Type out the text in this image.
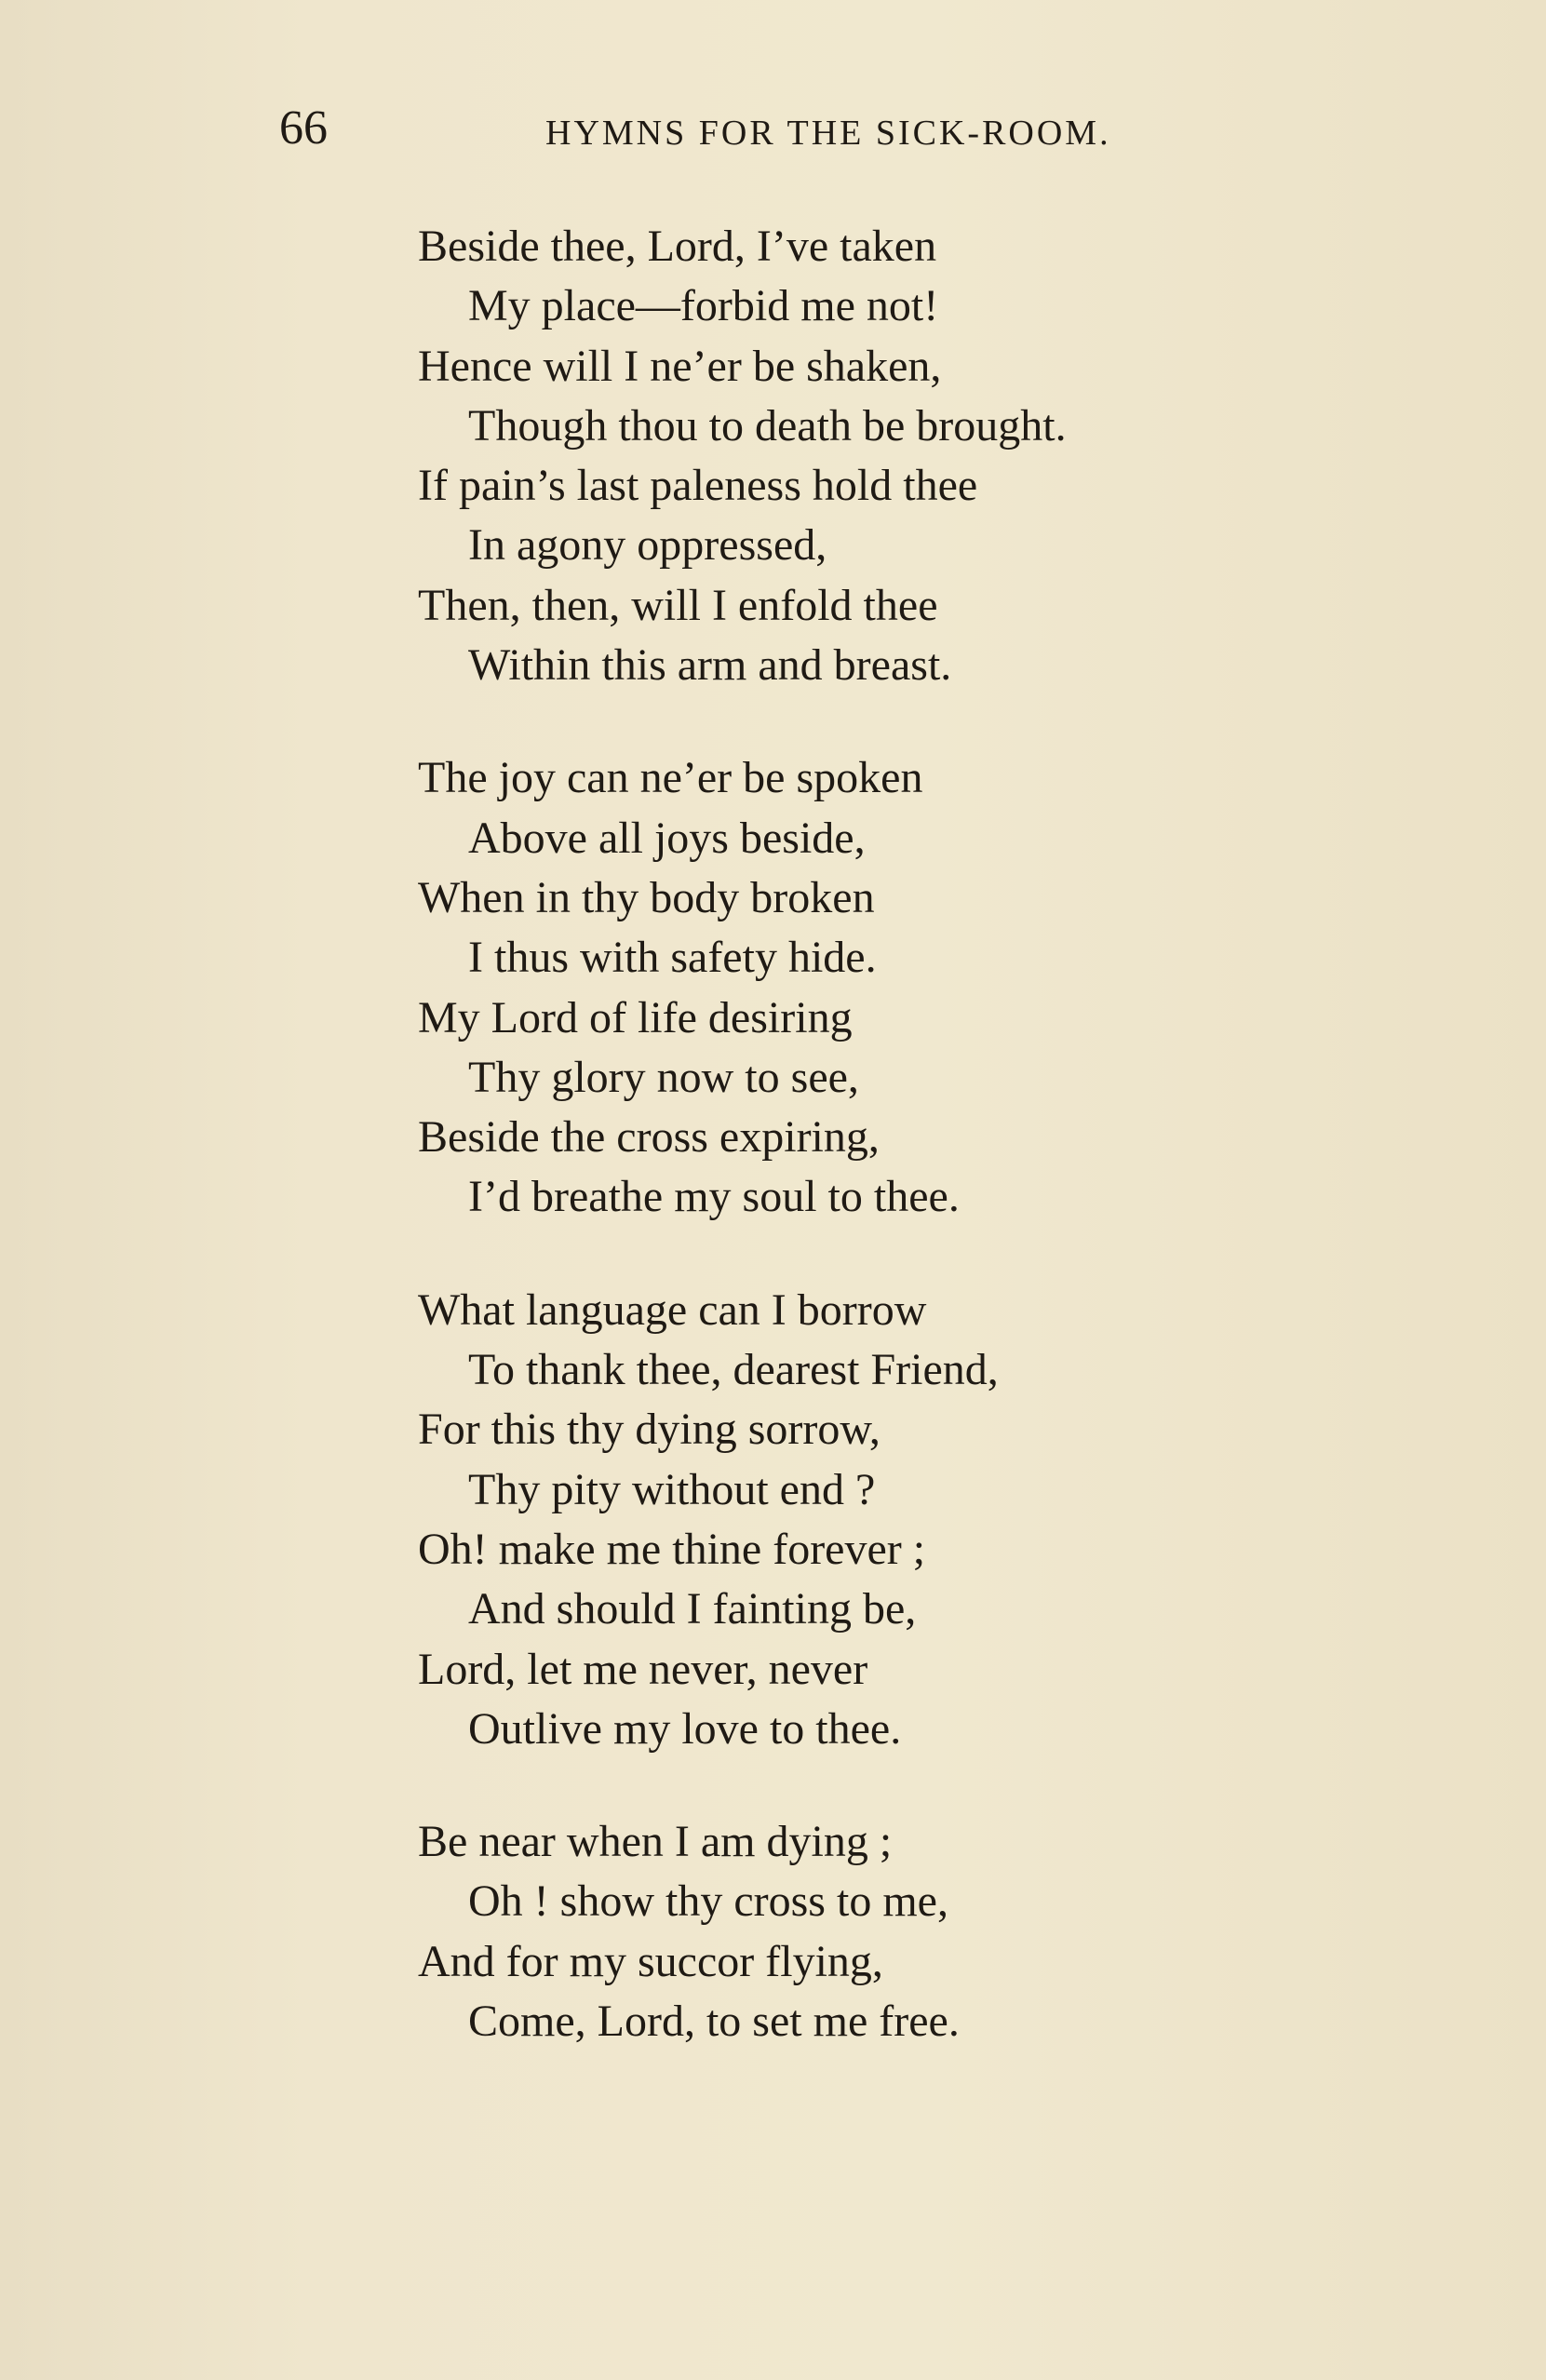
66	HYMNS FOR THE SICK-ROOM.
Beside thee, Lord, I’ve taken
My place—forbid me not!
Hence will I ne’er be shaken,
Though thou to death be brought.
If pain’s last paleness hold thee
In agony oppressed,
Then, then, will I enfold thee
Within this arm and breast.
The joy can ne’er be spoken
Above all joys beside,
When in thy body broken
I thus with safety hide.
My Lord of life desiring
Thy glory now to see,
Beside the cross expiring,
I’d breathe my soul to thee.
What language can I borrow
To thank thee, dearest Friend,
For this thy dying sorrow,
Thy pity without end ?
Oh! make me thine forever ;
And should I fainting be,
Lord, let me never, never
Outlive my love to thee.
Be near when I am dying ;
Oh ! show thy cross to me,
And for my succor flying,
Come, Lord, to set me free.
